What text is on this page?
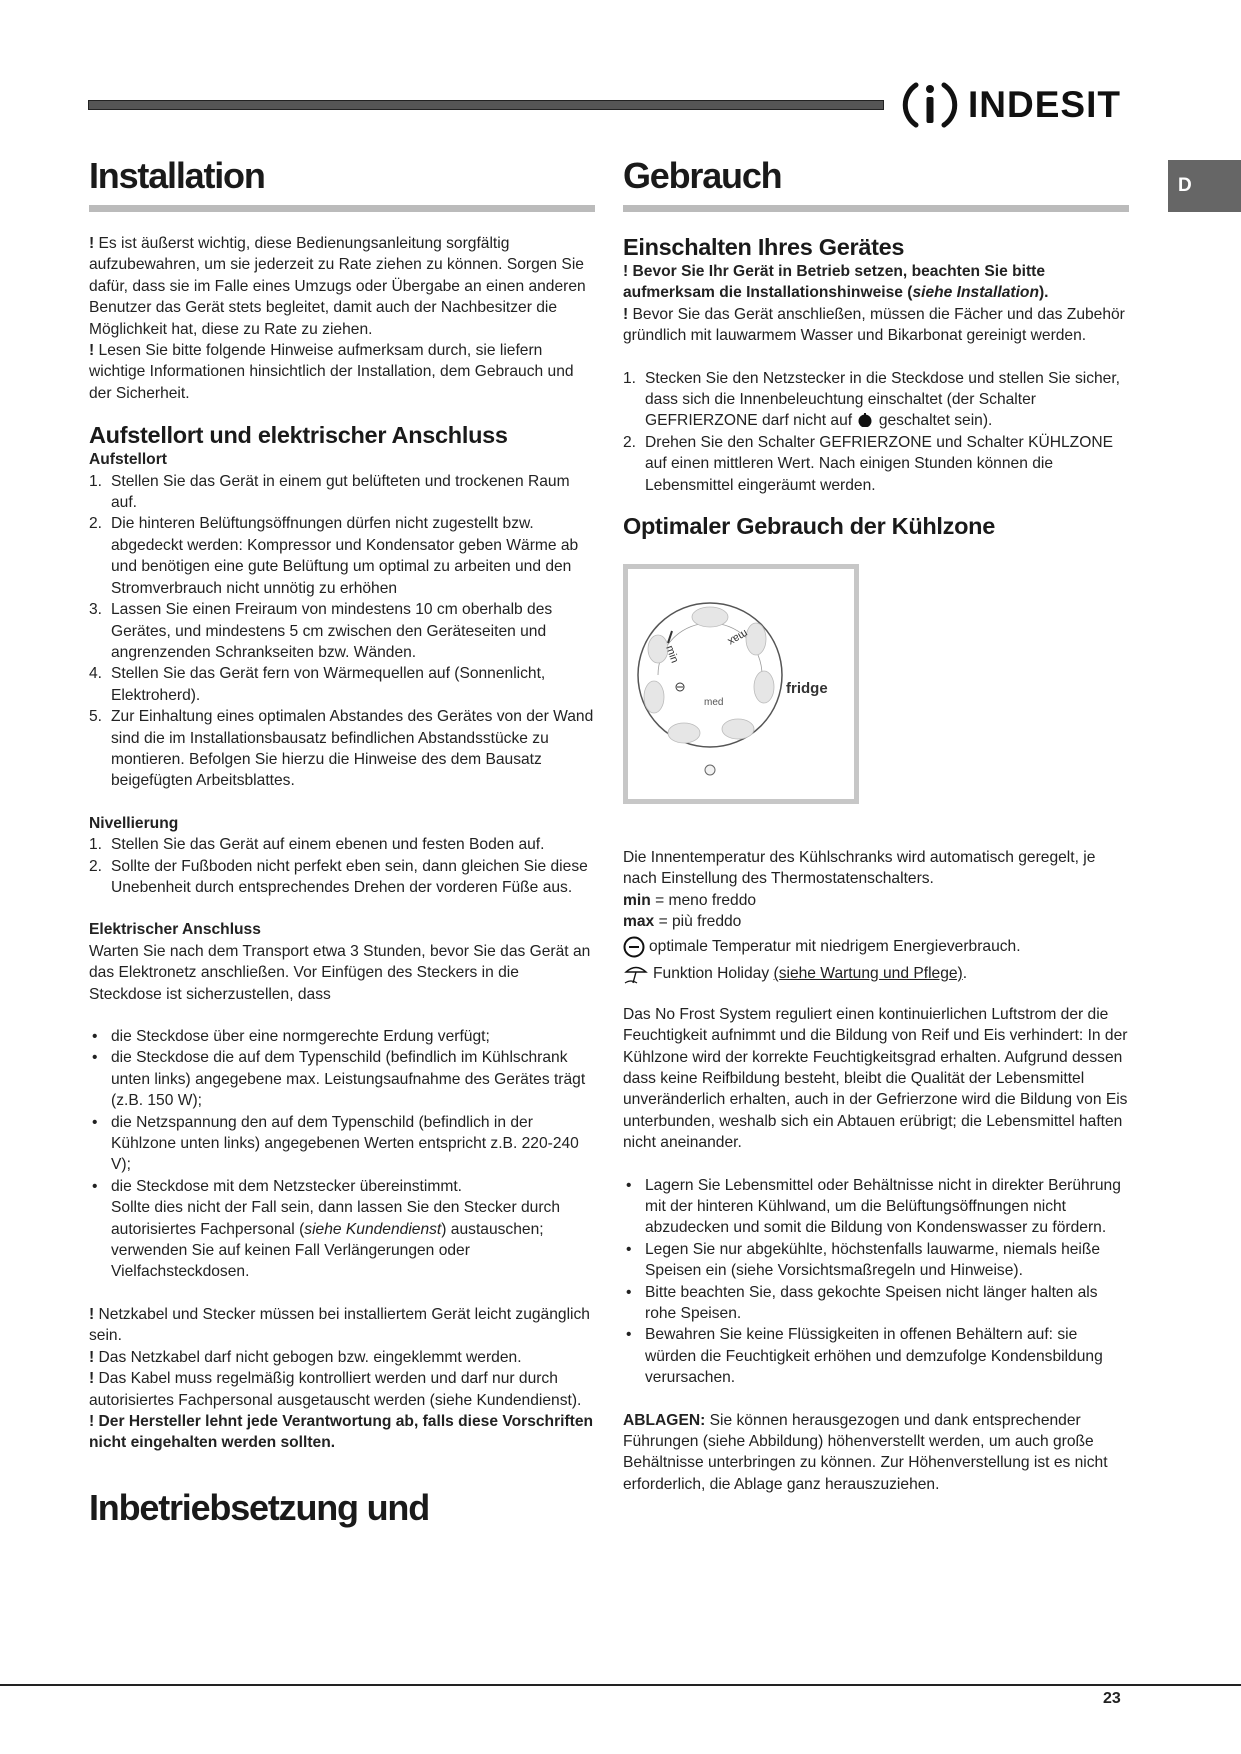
INDESIT
D
Installation

! Es ist äußerst wichtig, diese Bedienungsanleitung sorgfältig aufzubewahren, um sie jederzeit zu Rate ziehen zu können. Sorgen Sie dafür, dass sie im Falle eines Umzugs oder Übergabe an einen anderen Benutzer das Gerät stets begleitet, damit auch der Nachbesitzer die Möglichkeit hat, diese zu Rate zu ziehen.

! Lesen Sie bitte folgende Hinweise aufmerksam durch, sie liefern wichtige Informationen hinsichtlich der Installation, dem Gebrauch und der Sicherheit.

Aufstellort und elektrischer Anschluss
Aufstellort
1. Stellen Sie das Gerät in einem gut belüfteten und trockenen Raum auf.
2. Die hinteren Belüftungsöffnungen dürfen nicht zugestellt bzw. abgedeckt werden: Kompressor und Kondensator geben Wärme ab und benötigen eine gute Belüftung um optimal zu arbeiten und den Stromverbrauch nicht unnötig zu erhöhen
3. Lassen Sie einen Freiraum von mindestens 10 cm oberhalb des Gerätes, und mindestens 5 cm zwischen den Geräteseiten und angrenzenden Schrankseiten bzw. Wänden.
4. Stellen Sie das Gerät fern von Wärmequellen auf (Sonnenlicht, Elektroherd).
5. Zur Einhaltung eines optimalen Abstandes des Gerätes von der Wand sind die im Installationsbausatz befindlichen Abstandsstücke zu montieren. Befolgen Sie hierzu die Hinweise des dem Bausatz beigefügten Arbeitsblattes.
Nivellierung
1. Stellen Sie das Gerät auf einem ebenen und festen Boden auf.
2. Sollte der Fußboden nicht perfekt eben sein, dann gleichen Sie diese Unebenheit durch entsprechendes Drehen der vorderen Füße aus.
Elektrischer Anschluss

Warten Sie nach dem Transport etwa 3 Stunden, bevor Sie das Gerät an das Elektronetz anschließen. Vor Einfügen des Steckers in die Steckdose ist sicherzustellen, dass

• die Steckdose über eine normgerechte Erdung verfügt;
• die Steckdose die auf dem Typenschild (befindlich im Kühlschrank unten links) angegebene max. Leistungsaufnahme des Gerätes trägt (z.B. 150 W);
• die Netzspannung den auf dem Typenschild (befindlich in der Kühlzone unten links) angegebenen Werten entspricht z.B. 220-240 V);
• die Steckdose mit dem Netzstecker übereinstimmt.
Sollte dies nicht der Fall sein, dann lassen Sie den Stecker durch autorisiertes Fachpersonal (siehe Kundendienst) austauschen; verwenden Sie auf keinen Fall Verlängerungen oder Vielfachsteckdosen.

! Netzkabel und Stecker müssen bei installiertem Gerät leicht zugänglich sein.

! Das Netzkabel darf nicht gebogen bzw. eingeklemmt werden.

! Das Kabel muss regelmäßig kontrolliert werden und darf nur durch autorisiertes Fachpersonal ausgetauscht werden (siehe Kundendienst).

! Der Hersteller lehnt jede Verantwortung ab, falls diese Vorschriften nicht eingehalten werden sollten.

Inbetriebsetzung und
Gebrauch
Einschalten Ihres Gerätes

! Bevor Sie Ihr Gerät in Betrieb setzen, beachten Sie bitte aufmerksam die Installationshinweise (siehe Installation).

! Bevor Sie das Gerät anschließen, müssen die Fächer und das Zubehör gründlich mit lauwarmem Wasser und Bikarbonat gereinigt werden.

1. Stecken Sie den Netzstecker in die Steckdose und stellen Sie sicher, dass sich die Innenbeleuchtung einschaltet (der Schalter GEFRIERZONE darf nicht auf geschaltet sein).
2. Drehen Sie den Schalter GEFRIERZONE und Schalter KÜHLZONE auf einen mittleren Wert. Nach einigen Stunden können die Lebensmittel eingeräumt werden.
Optimaler Gebrauch der Kühlzone
min
max
med
fridge

Die Innentemperatur des Kühlschranks wird automatisch geregelt, je nach Einstellung des Thermostatenschalters.

min = meno freddo

max = più freddo

optimale Temperatur mit niedrigem Energieverbrauch.

Funktion Holiday
(siehe Wartung und Pflege) .

Das No Frost System reguliert einen kontinuierlichen Luftstrom der die Feuchtigkeit aufnimmt und die Bildung von Reif und Eis verhindert: In der Kühlzone wird der korrekte Feuchtigkeitsgrad erhalten. Aufgrund dessen dass keine Reifbildung besteht, bleibt die Qualität der Lebensmittel unveränderlich erhalten, auch in der Gefrierzone wird die Bildung von Eis unterbunden, weshalb sich ein Abtauen erübrigt; die Lebensmittel haften nicht aneinander.

• Lagern Sie Lebensmittel oder Behältnisse nicht in direkter Berührung mit der hinteren Kühlwand, um die Belüftungsöffnungen nicht abzudecken und somit die Bildung von Kondenswasser zu fördern.
• Legen Sie nur abgekühlte, höchstenfalls lauwarme, niemals heiße Speisen ein (siehe Vorsichtsmaßregeln und Hinweise).
• Bitte beachten Sie, dass gekochte Speisen nicht länger halten als rohe Speisen.
• Bewahren Sie keine Flüssigkeiten in offenen Behältern auf: sie würden die Feuchtigkeit erhöhen und demzufolge Kondensbildung verursachen.

ABLAGEN: Sie können herausgezogen und dank entsprechender Führungen (siehe Abbildung) höhenverstellt werden, um auch große Behältnisse unterbringen zu können. Zur Höhenverstellung ist es nicht erforderlich, die Ablage ganz herauszuziehen.

23
